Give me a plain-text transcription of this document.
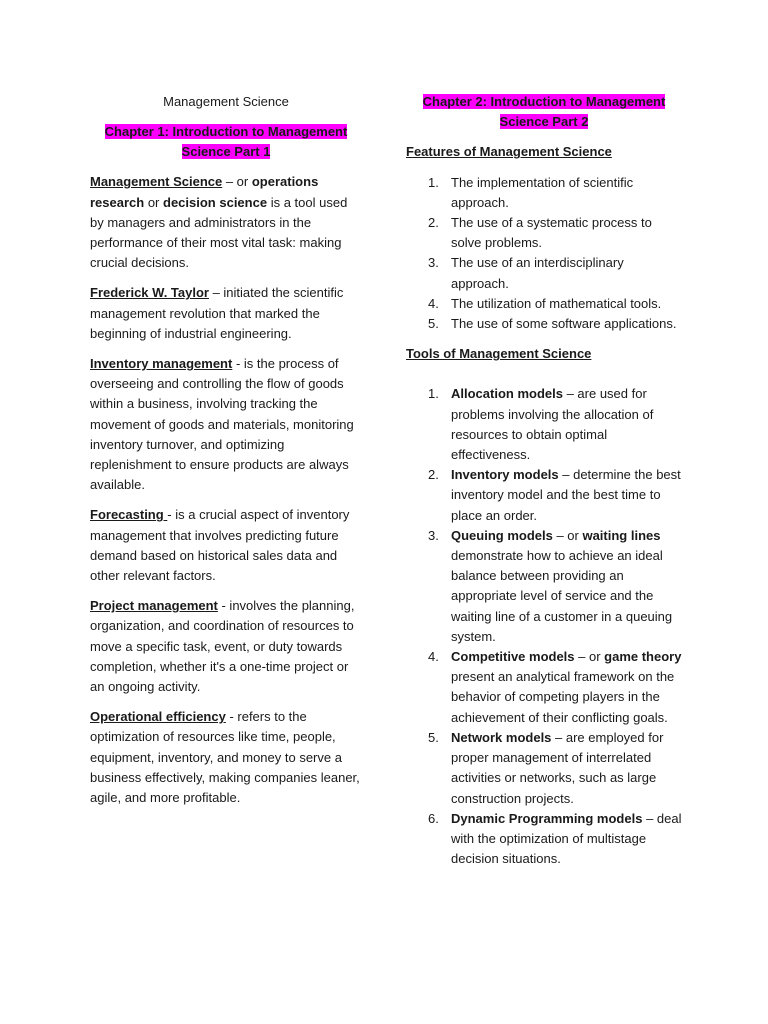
Management Science
Chapter 1: Introduction to Management Science Part 1

Management Science – or operations research or decision science is a tool used by managers and administrators in the performance of their most vital task: making crucial decisions.

Frederick W. Taylor – initiated the scientific management revolution that marked the beginning of industrial engineering.

Inventory management - is the process of overseeing and controlling the flow of goods within a business, involving tracking the movement of goods and materials, monitoring inventory turnover, and optimizing replenishment to ensure products are always available.

Forecasting - is a crucial aspect of inventory management that involves predicting future demand based on historical sales data and other relevant factors.

Project management - involves the planning, organization, and coordination of resources to move a specific task, event, or duty towards completion, whether it's a one-time project or an ongoing activity.

Operational efficiency - refers to the optimization of resources like time, people, equipment, inventory, and money to serve a business effectively, making companies leaner, agile, and more profitable.

Chapter 2: Introduction to Management Science Part 2
Features of Management Science
1. The implementation of scientific approach.
2. The use of a systematic process to solve problems.
3. The use of an interdisciplinary approach.
4. The utilization of mathematical tools.
5. The use of some software applications.
Tools of Management Science
1. Allocation models – are used for problems involving the allocation of resources to obtain optimal effectiveness.
2. Inventory models – determine the best inventory model and the best time to place an order.
3. Queuing models – or waiting lines demonstrate how to achieve an ideal balance between providing an appropriate level of service and the waiting line of a customer in a queuing system.
4. Competitive models – or game theory present an analytical framework on the behavior of competing players in the achievement of their conflicting goals.
5. Network models – are employed for proper management of interrelated activities or networks, such as large construction projects.
6. Dynamic Programming models – deal with the optimization of multistage decision situations.
